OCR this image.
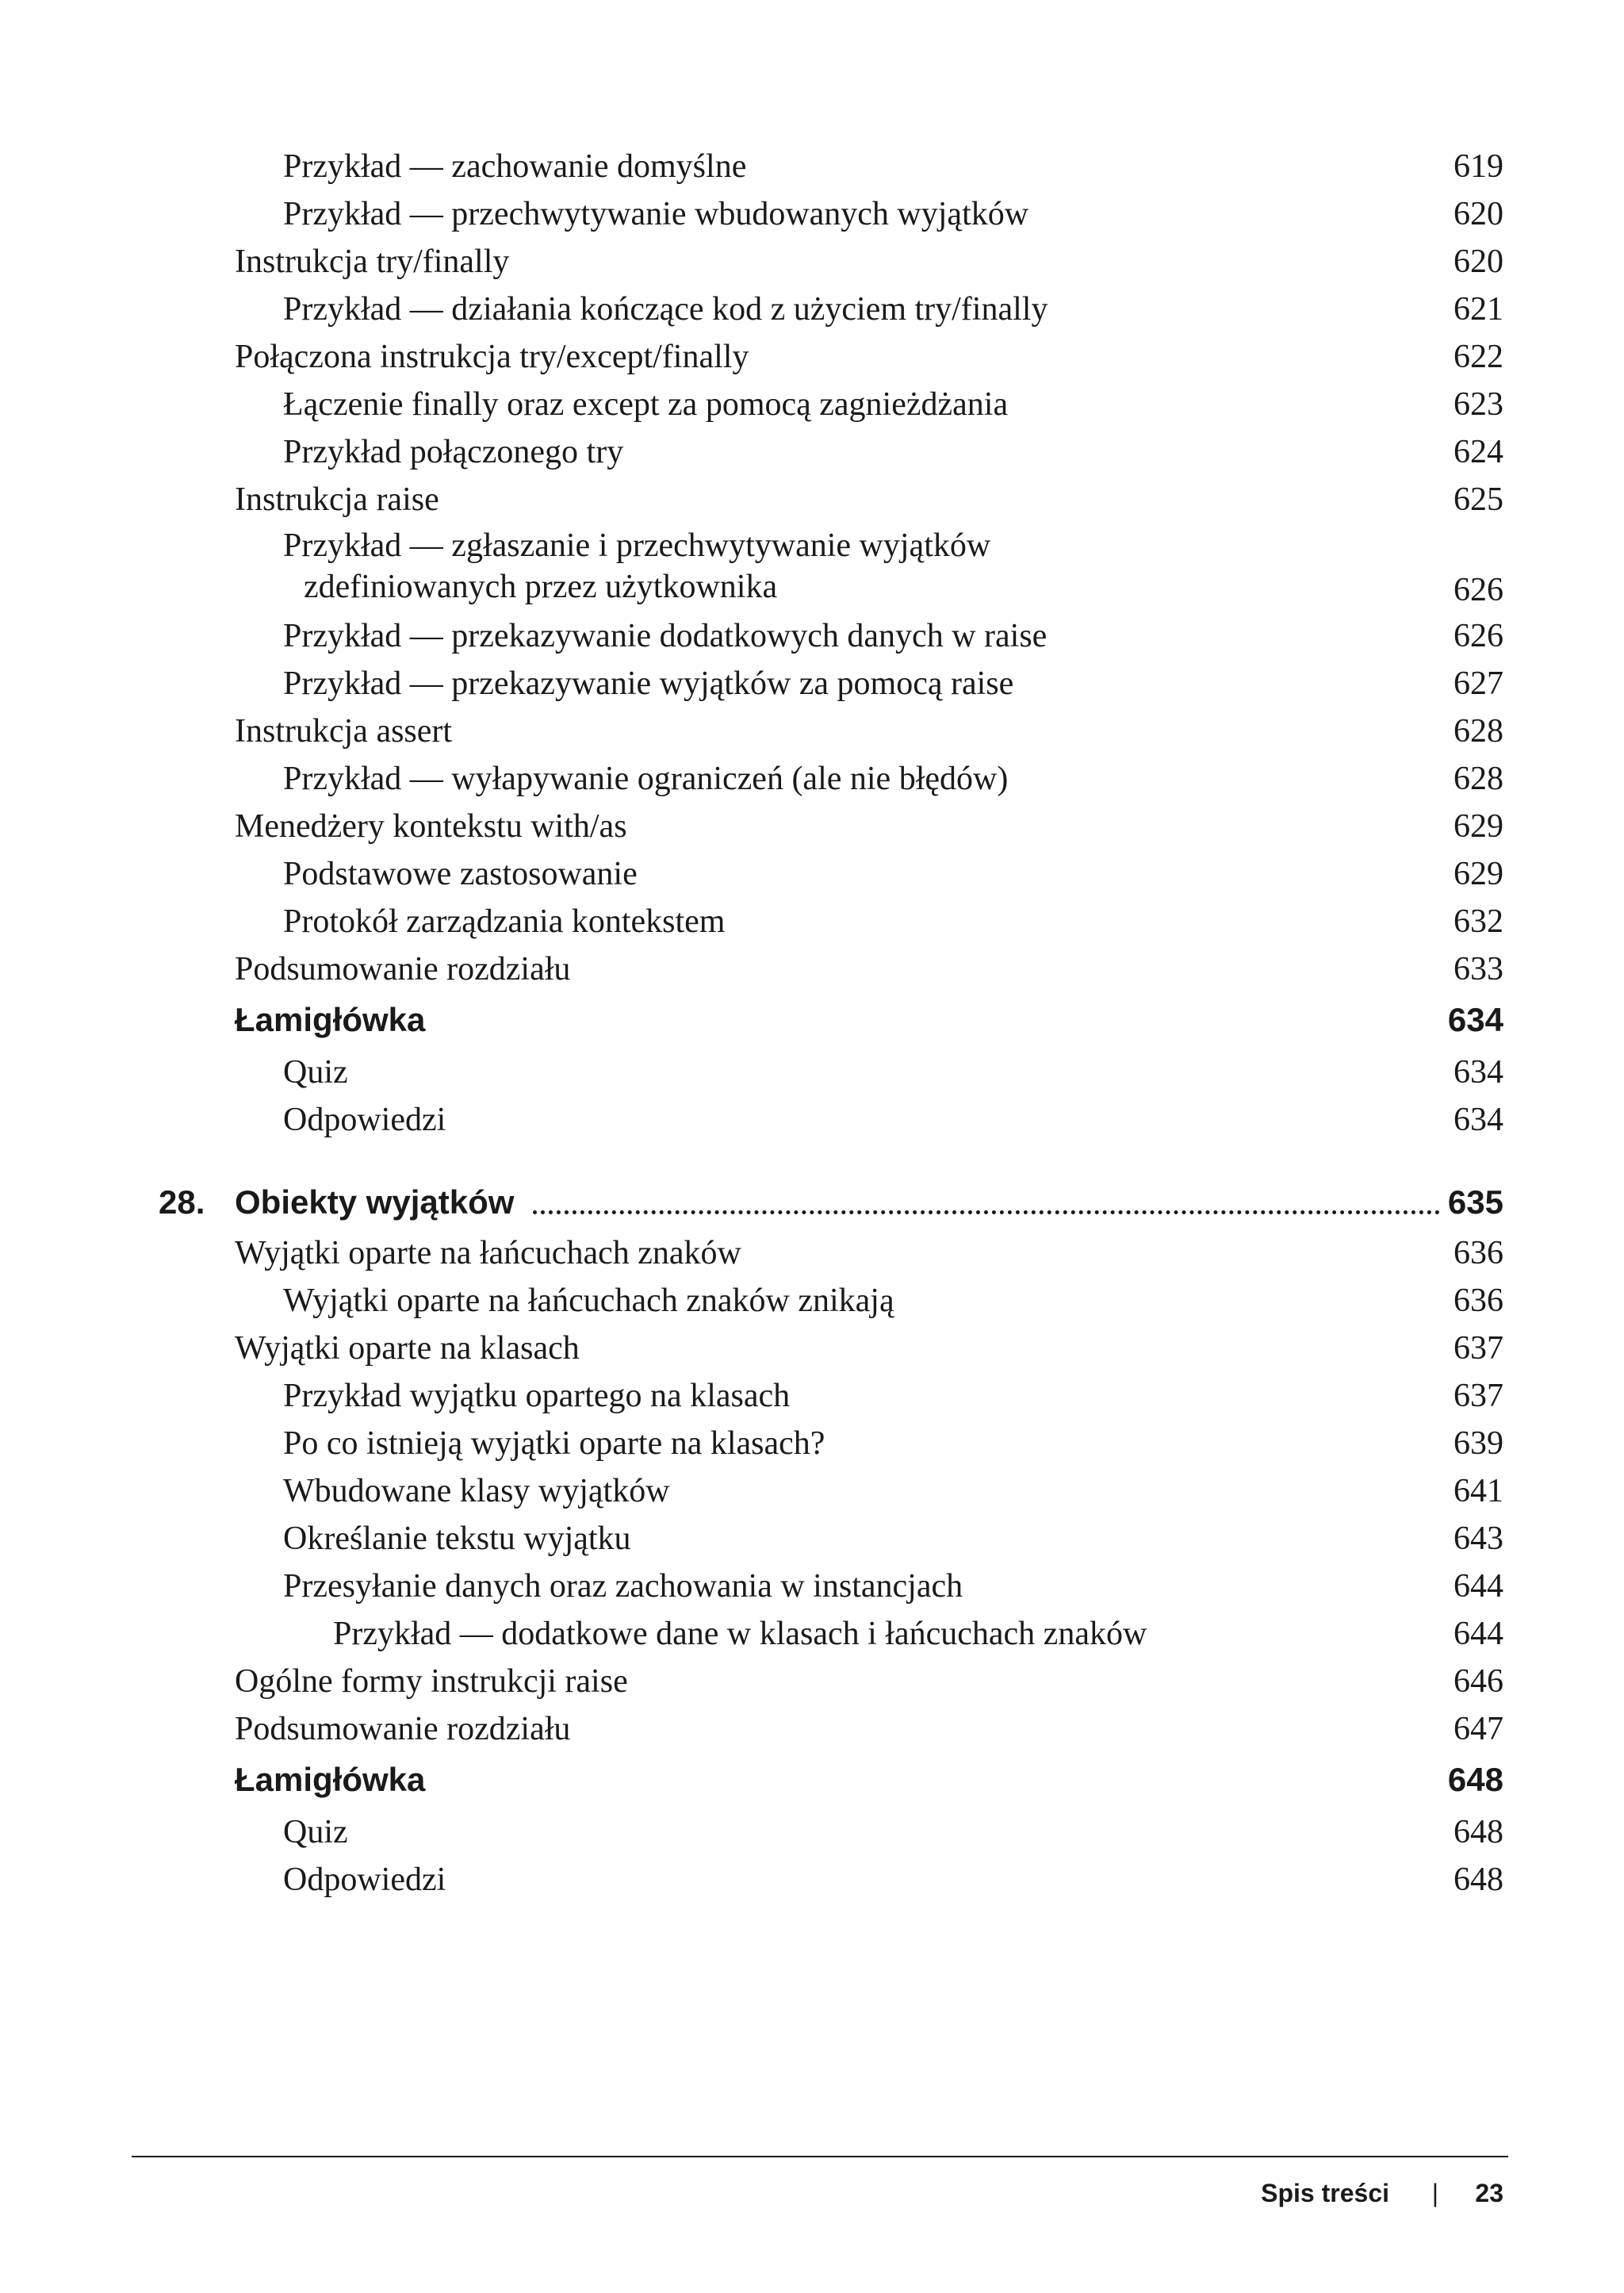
Przykład — zachowanie domyślne	619
Przykład — przechwytywanie wbudowanych wyjątków	620
Instrukcja try/finally	620
Przykład — działania kończące kod z użyciem try/finally	621
Połączona instrukcja try/except/finally	622
Łączenie finally oraz except za pomocą zagnieżdżania	623
Przykład połączonego try	624
Instrukcja raise	625
Przykład — zgłaszanie i przechwytywanie wyjątków
zdefiniowanych przez użytkownika	626
Przykład — przekazywanie dodatkowych danych w raise	626
Przykład — przekazywanie wyjątków za pomocą raise	627
Instrukcja assert	628
Przykład — wyłapywanie ograniczeń (ale nie błędów)	628
Menedżery kontekstu with/as	629
Podstawowe zastosowanie	629
Protokół zarządzania kontekstem	632
Podsumowanie rozdziału	633
Łamigłówka	634
Quiz	634
Odpowiedzi	634
28. Obiekty wyjątków	635
Wyjątki oparte na łańcuchach znaków	636
Wyjątki oparte na łańcuchach znaków znikają	636
Wyjątki oparte na klasach	637
Przykład wyjątku opartego na klasach	637
Po co istnieją wyjątki oparte na klasach?	639
Wbudowane klasy wyjątków	641
Określanie tekstu wyjątku	643
Przesyłanie danych oraz zachowania w instancjach	644
Przykład — dodatkowe dane w klasach i łańcuchach znaków	644
Ogólne formy instrukcji raise	646
Podsumowanie rozdziału	647
Łamigłówka	648
Quiz	648
Odpowiedzi	648
Spis treści | 23
